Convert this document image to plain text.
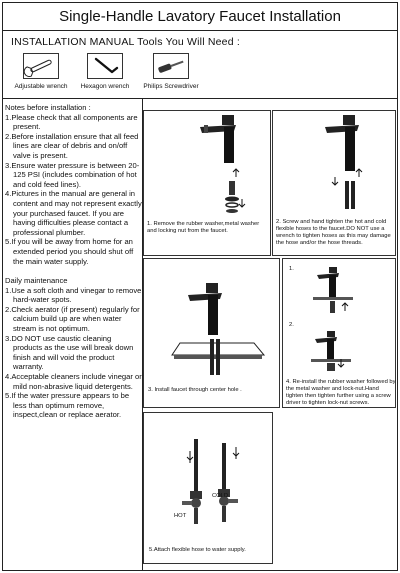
Single-Handle Lavatory Faucet Installation
INSTALLATION MANUAL Tools You Will Need :
Adjustable wrench	Hexagon wrench	Philips Screwdriver

Notes before installation :

1.Please check that all components are present.

2.Before installation ensure that all feed lines are clear of debris and on/off valve is present.

3.Ensure water pressure is between 20-125 PSI (includes combination of hot and cold feed lines).

4.Pictures in the manual are general in content and may not represent exactly your purchased faucet. If you are having difficulties please contact a professional plumber.

5.If you will be away from home for an extended period you should shut off the main water supply.

Daily maintenance

1.Use a soft cloth and vinegar to remove hard-water spots.

2.Check aerator (if present) regularly for calcium build up are when water stream is not optimum.

3.DO NOT use caustic cleaning products as the use will break down finish and will void the product warranty.

4.Acceptable cleaners include vinegar or mild non-abrasive liquid detergents.

5.If the water pressure appears to be less than optimum remove, inspect,clean or replace aerator.

1. Remove the rubber washer,metal washer and locking nut from the faucet.
2. Screw and hand tighten the hot and cold flexible hoses to the faucet.DO NOT use a wrench to tighten hoses as this may damage the hose and/or the hose threads.
3. Install faucet through center hole .
1.
2.
4. Re-install the rubber washer followed by the metal washer and lock-nut.Hand tighten then tighten further using a screw driver to tighten lock-nut screws.
COLD
HOT
5.Attach flexible hose to water supply.
